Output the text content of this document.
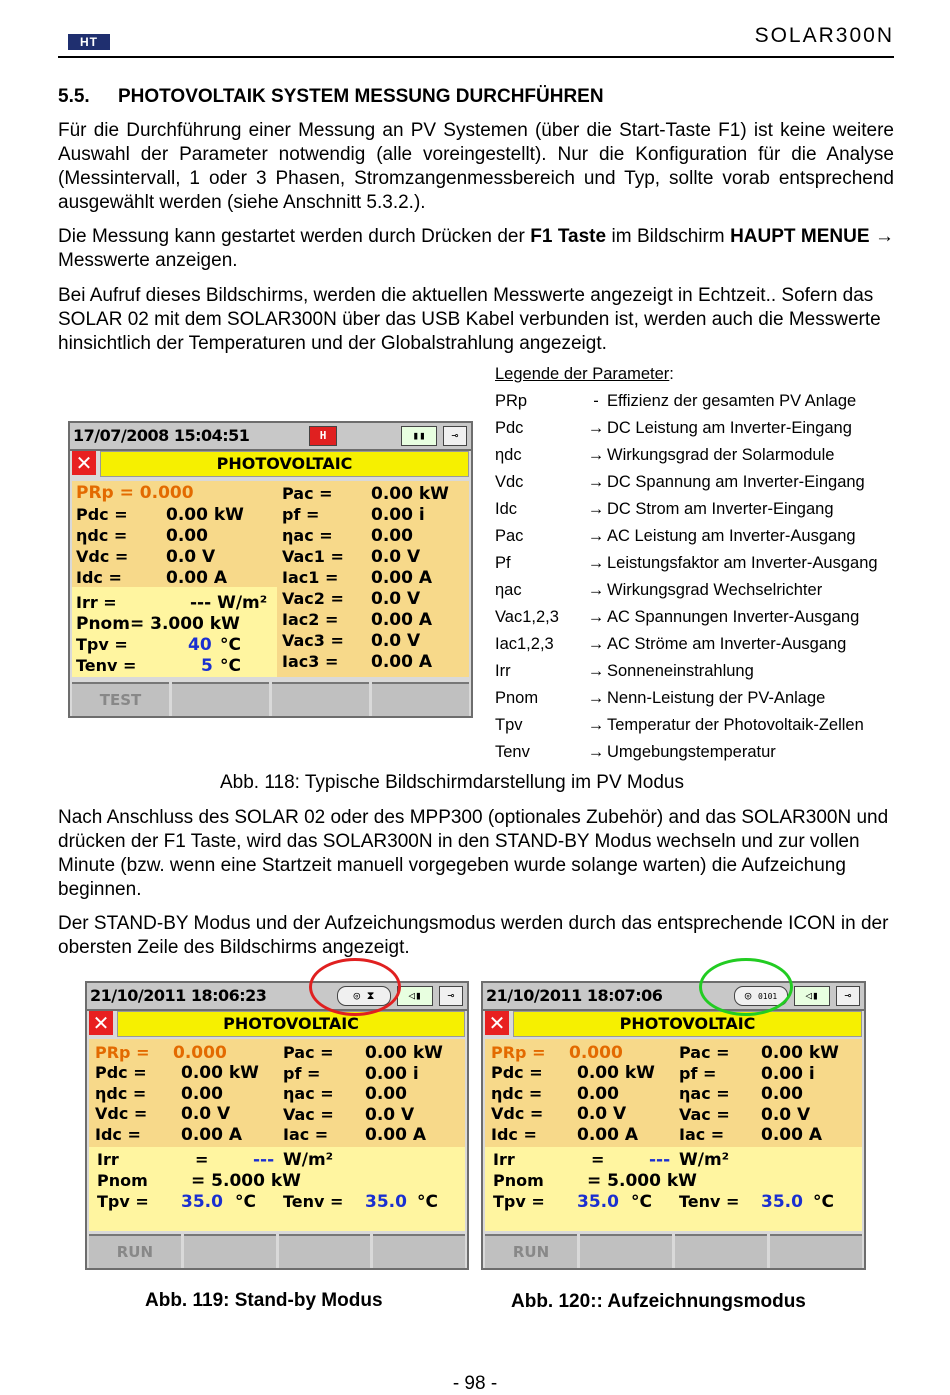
HT	SOLAR300N
5.5. PHOTOVOLTAIK SYSTEM MESSUNG DURCHFÜHREN
Für die Durchführung einer Messung an PV Systemen (über die Start-Taste F1) ist keine weitere Auswahl der Parameter notwendig (alle voreingestellt). Nur die Konfiguration für die Analyse (Messintervall, 1 oder 3 Phasen, Stromzangenmessbereich und Typ, sollte vorab entsprechend ausgewählt werden (siehe Anschnitt 5.3.2.).
Die Messung kann gestartet werden durch Drücken der F1 Taste im Bildschirm HAUPT MENUE → Messwerte anzeigen.
Bei Aufruf dieses Bildschirms, werden die aktuellen Messwerte angezeigt in Echtzeit.. Sofern das SOLAR 02 mit dem SOLAR300N über das USB Kabel verbunden ist, werden auch die Messwerte hinsichtlich der Temperaturen und der Globalstrahlung angezeigt.
Legende der Parameter:
PRp	- Effizienz der gesamten PV Anlage
Pdc	→ DC Leistung am Inverter-Eingang
ηdc	→ Wirkungsgrad der Solarmodule
Vdc	→ DC Spannung am Inverter-Eingang
Idc	→ DC Strom am Inverter-Eingang
Pac	→ AC Leistung am Inverter-Ausgang
Pf	→ Leistungsfaktor am Inverter-Ausgang
ηac	→ Wirkungsgrad Wechselrichter
Vac1,2,3	→ AC Spannungen Inverter-Ausgang
Iac1,2,3	→ AC Ströme am Inverter-Ausgang
Irr	→ Sonneneinstrahlung
Pnom	→ Nenn-Leistung der PV-Anlage
Tpv	→ Temperatur der Photovoltaik-Zellen
Tenv	→ Umgebungstemperatur
17/07/2008 15:04:51	H	▮▮	⊸
✕	PHOTOVOLTAIC
TEST
PRp = 0.000
Pdc = 0.00 kW
ηdc = 0.00
Vdc = 0.0 V
Idc =	0.00 A
Pac = 0.00 kW
pf =	0.00 i
ηac = 0.00
Vac1 = 0.0 V
Iac1 = 0.00 A
Vac2 = 0.0 V
Iac2 = 0.00 A
Vac3 = 0.0 V
Iac3 = 0.00 A
Irr =	--- W/m²
Pnom= 3.000 kW
Tpv =	40 °C
Tenv =	5 °C
Abb. 118: Typische Bildschirmdarstellung im PV Modus
Nach Anschluss des SOLAR 02 oder des MPP300 (optionales Zubehör) and das SOLAR300N und drücken der F1 Taste, wird das SOLAR300N in den STAND-BY Modus wechseln und zur vollen Minute (bzw. wenn eine Startzeit manuell vorgegeben wurde solange warten) die Aufzeichung beginnen.
Der STAND-BY Modus und der Aufzeichungsmodus werden durch das entsprechende ICON in der obersten Zeile des Bildschirms angezeigt.
21/10/2011 18:06:23	◎ ⧗	◁▮	⊸
✕	PHOTOVOLTAIC
RUN
PRp = 0.000
Pdc = 0.00 kW
ηdc = 0.00
Vdc = 0.0 V
Idc = 0.00 A
Pac = 0.00 kW
pf =	0.00 i
ηac = 0.00
Vac = 0.0 V
Iac = 0.00 A
Irr	=	--- W/m²
Pnom	= 5.000 kW
Tpv = 35.0 °C Tenv = 35.0 °C
21/10/2011 18:07:06	◎ 0101	◁▮	⊸
✕	PHOTOVOLTAIC
RUN
PRp = 0.000
Pdc = 0.00 kW
ηdc = 0.00
Vdc = 0.0 V
Idc = 0.00 A
Pac = 0.00 kW
pf =	0.00 i
ηac = 0.00
Vac = 0.0 V
Iac = 0.00 A
Irr	=	--- W/m²
Pnom	= 5.000 kW
Tpv = 35.0 °C Tenv = 35.0 °C
Abb. 119: Stand-by Modus	Abb. 120:: Aufzeichnungsmodus
- 98 -
